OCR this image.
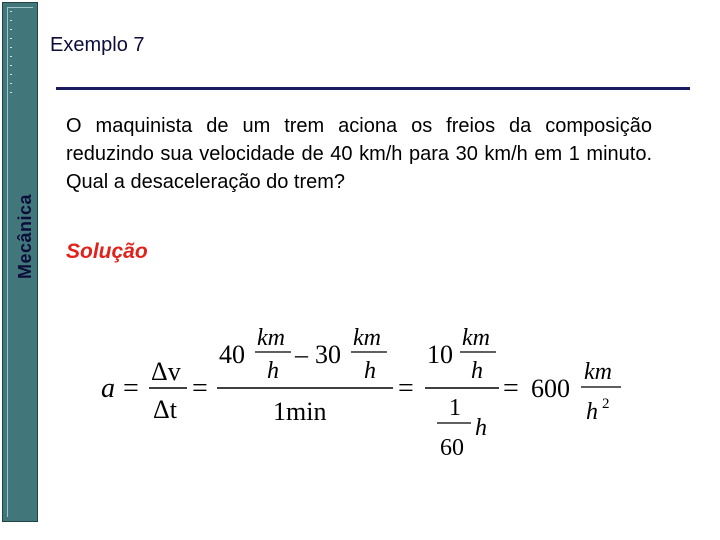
Mecânica
Exemplo 7

O maquinista de um trem aciona os freios da composição reduzindo sua velocidade de 40 km/h para 30 km/h em 1 minuto. Qual a desaceleração do trem?

Solução
a =
Δv
Δt
=
40
km
h
– 30
km
h
1min
=
10
km
h
1
60
h
= 600
km
h 2
